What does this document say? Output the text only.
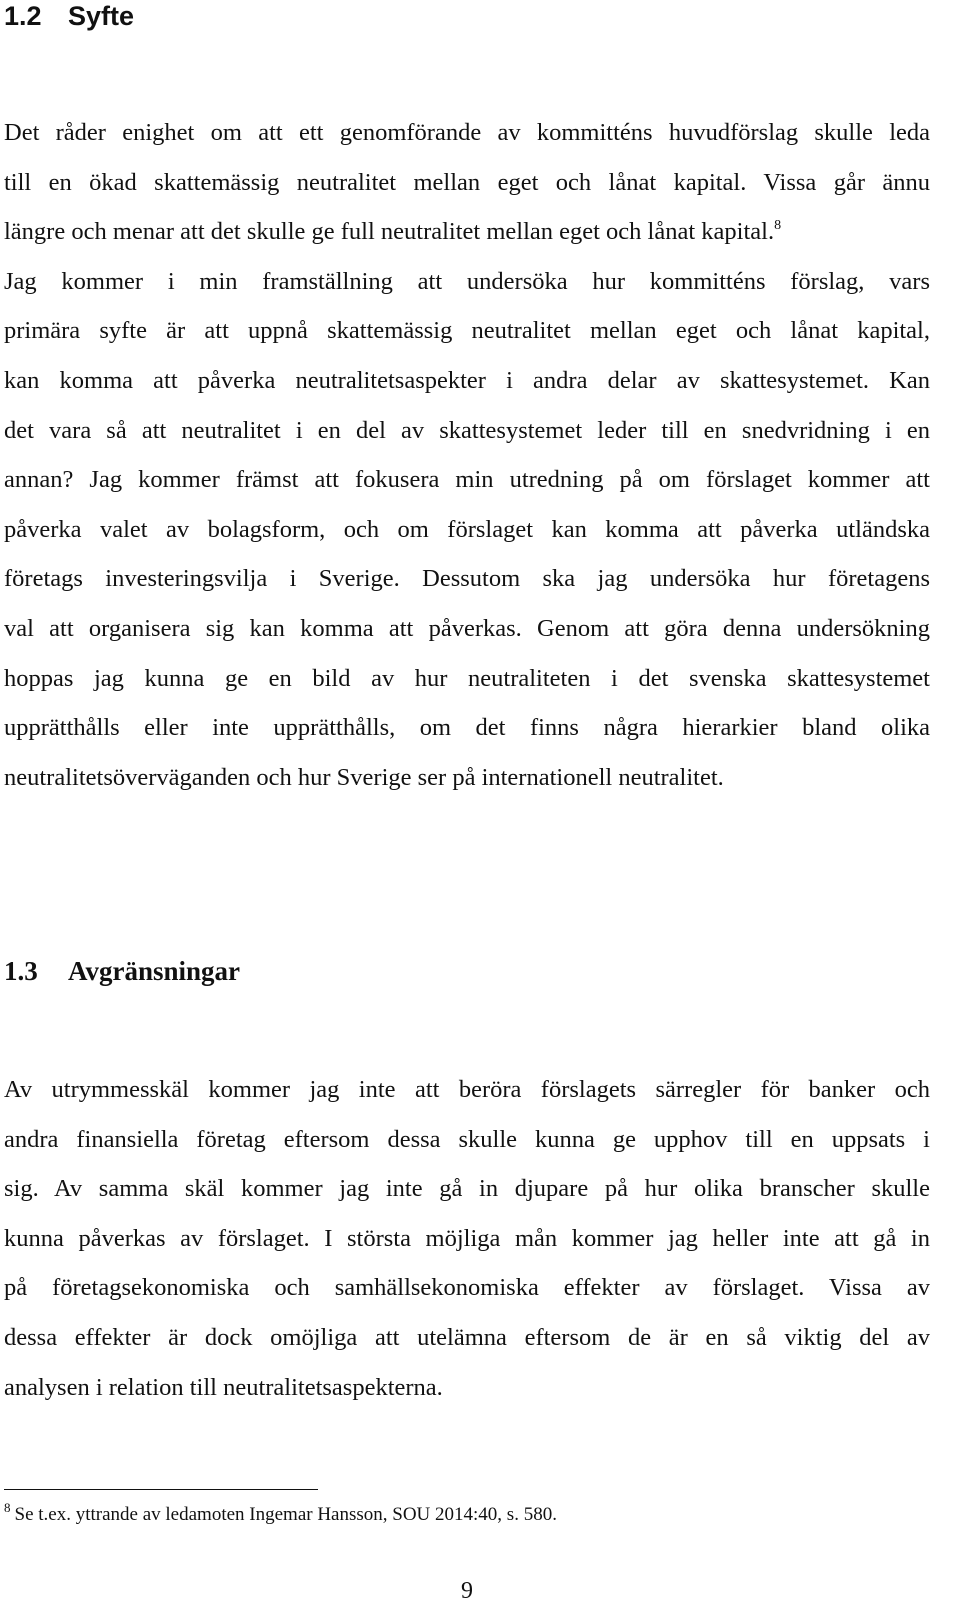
1.2 Syfte
Det råder enighet om att ett genomförande av kommitténs huvudförslag skulle leda
till en ökad skattemässig neutralitet mellan eget och lånat kapital. Vissa går ännu
längre och menar att det skulle ge full neutralitet mellan eget och lånat kapital.$^8$
Jag kommer i min framställning att undersöka hur kommitténs förslag, vars
primära syfte är att uppnå skattemässig neutralitet mellan eget och lånat kapital,
kan komma att påverka neutralitetsaspekter i andra delar av skattesystemet. Kan
det vara så att neutralitet i en del av skattesystemet leder till en snedvridning i en
annan? Jag kommer främst att fokusera min utredning på om förslaget kommer att
påverka valet av bolagsform, och om förslaget kan komma att påverka utländska
företags investeringsvilja i Sverige. Dessutom ska jag undersöka hur företagens
val att organisera sig kan komma att påverkas. Genom att göra denna undersökning
hoppas jag kunna ge en bild av hur neutraliteten i det svenska skattesystemet
upprätthålls eller inte upprätthålls, om det finns några hierarkier bland olika
neutralitetsöverväganden och hur Sverige ser på internationell neutralitet.
1.3 Avgränsningar
Av utrymmesskäl kommer jag inte att beröra förslagets särregler för banker och
andra finansiella företag eftersom dessa skulle kunna ge upphov till en uppsats i
sig. Av samma skäl kommer jag inte gå in djupare på hur olika branscher skulle
kunna påverkas av förslaget. I största möjliga mån kommer jag heller inte att gå in
på företagsekonomiska och samhällsekonomiska effekter av förslaget. Vissa av
dessa effekter är dock omöjliga att utelämna eftersom de är en så viktig del av
analysen i relation till neutralitetsaspekterna.
$^8$ Se t.ex. yttrande av ledamoten Ingemar Hansson, SOU 2014:40, s. 580.
9
